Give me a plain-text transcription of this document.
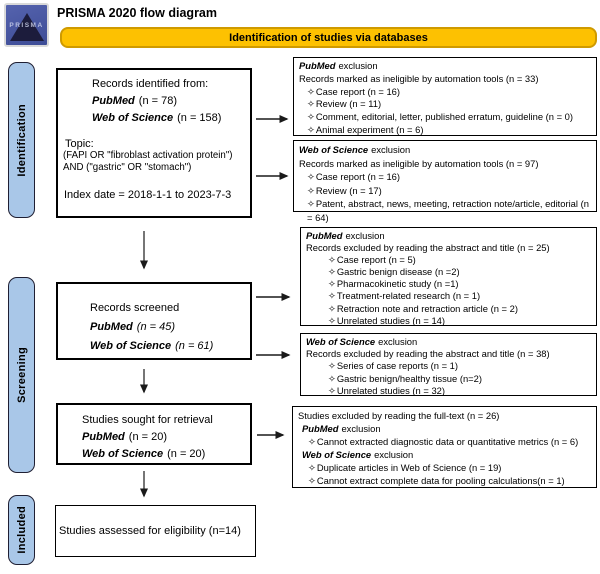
PRISMA
PRISMA 2020 flow diagram
Identification of studies via databases
Identification
Screening
Included
Records identified from:
PubMed (n = 78)
Web of Science (n = 158)
Topic:
(FAPI OR "fibroblast activation protein")
AND ("gastric" OR "stomach")
Index date = 2018-1-1 to 2023-7-3
Records screened
PubMed (n = 45)
Web of Science (n = 61)
Studies sought for retrieval
PubMed (n = 20)
Web of Science (n = 20)
Studies assessed for eligibility (n=14)
PubMed exclusion
Records marked as ineligible by automation tools (n = 33)
✧Case report (n = 16)
✧Review (n = 11)
✧Comment, editorial, letter, published erratum, guideline (n = 0)
✧Animal experiment (n = 6)
Web of Science exclusion
Records marked as ineligible by automation tools (n = 97)
✧Case report (n = 16)
✧Review (n = 17)
✧Patent, abstract, news, meeting, retraction note/article, editorial (n = 64)
PubMed exclusion
Records excluded by reading the abstract and title (n = 25)
✧Case report (n = 5)
✧Gastric benign disease (n =2)
✧Pharmacokinetic study (n =1)
✧Treatment-related research (n = 1)
✧Retraction note and retraction article (n = 2)
✧Unrelated studies (n = 14)
Web of Science exclusion
Records excluded by reading the abstract and title (n = 38)
✧Series of case reports (n = 1)
✧Gastric benign/healthy tissue (n=2)
✧Unrelated studies (n = 32)
Studies excluded by reading the full-text (n = 26)
PubMed exclusion
✧Cannot extracted diagnostic data or quantitative metrics (n = 6)
Web of Science exclusion
✧Duplicate articles in Web of Science (n = 19)
✧Cannot extract complete data for pooling calculations(n = 1)
